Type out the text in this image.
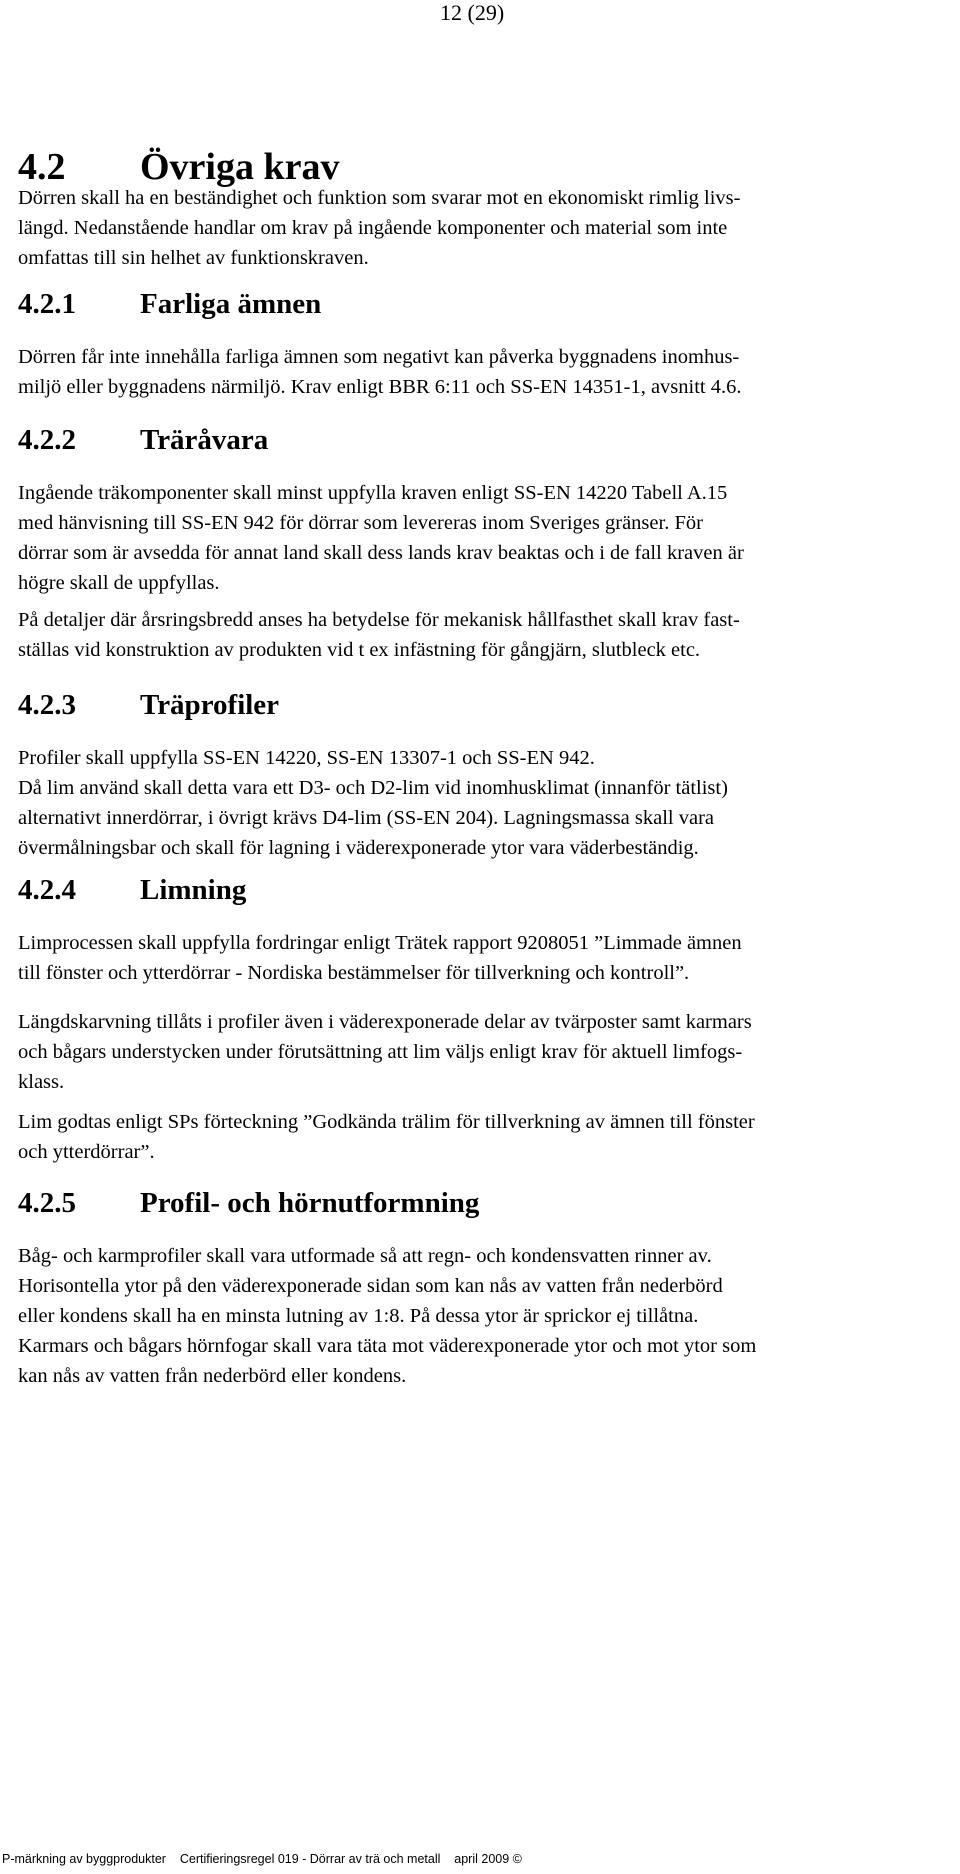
12 (29)
4.2 Övriga krav

Dörren skall ha en beständighet och funktion som svarar mot en ekonomiskt rimlig livs-
längd. Nedanstående handlar om krav på ingående komponenter och material som inte
omfattas till sin helhet av funktionskraven.

4.2.1 Farliga ämnen

Dörren får inte innehålla farliga ämnen som negativt kan påverka byggnadens inomhus-
miljö eller byggnadens närmiljö. Krav enligt BBR 6:11 och SS-EN 14351-1, avsnitt 4.6.

4.2.2 Träråvara

Ingående träkomponenter skall minst uppfylla kraven enligt SS-EN 14220 Tabell A.15
med hänvisning till SS-EN 942 för dörrar som levereras inom Sveriges gränser. För
dörrar som är avsedda för annat land skall dess lands krav beaktas och i de fall kraven är
högre skall de uppfyllas.

På detaljer där årsringsbredd anses ha betydelse för mekanisk hållfasthet skall krav fast-
ställas vid konstruktion av produkten vid t ex infästning för gångjärn, slutbleck etc.

4.2.3 Träprofiler

Profiler skall uppfylla SS-EN 14220, SS-EN 13307-1 och SS-EN 942.
Då lim använd skall detta vara ett D3- och D2-lim vid inomhusklimat (innanför tätlist)
alternativt innerdörrar, i övrigt krävs D4-lim (SS-EN 204). Lagningsmassa skall vara
övermålningsbar och skall för lagning i väderexponerade ytor vara väderbeständig.

4.2.4 Limning

Limprocessen skall uppfylla fordringar enligt Trätek rapport 9208051 ”Limmade ämnen
till fönster och ytterdörrar - Nordiska bestämmelser för tillverkning och kontroll”.

Längdskarvning tillåts i profiler även i väderexponerade delar av tvärposter samt karmars
och bågars understycken under förutsättning att lim väljs enligt krav för aktuell limfogs-
klass.

Lim godtas enligt SPs förteckning ”Godkända trälim för tillverkning av ämnen till fönster
och ytterdörrar”.

4.2.5 Profil- och hörnutformning

Båg- och karmprofiler skall vara utformade så att regn- och kondensvatten rinner av.
Horisontella ytor på den väderexponerade sidan som kan nås av vatten från nederbörd
eller kondens skall ha en minsta lutning av 1:8. På dessa ytor är sprickor ej tillåtna.
Karmars och bågars hörnfogar skall vara täta mot väderexponerade ytor och mot ytor som
kan nås av vatten från nederbörd eller kondens.

P-märkning av byggprodukter    Certifieringsregel 019 - Dörrar av trä och metall    april 2009 ©
